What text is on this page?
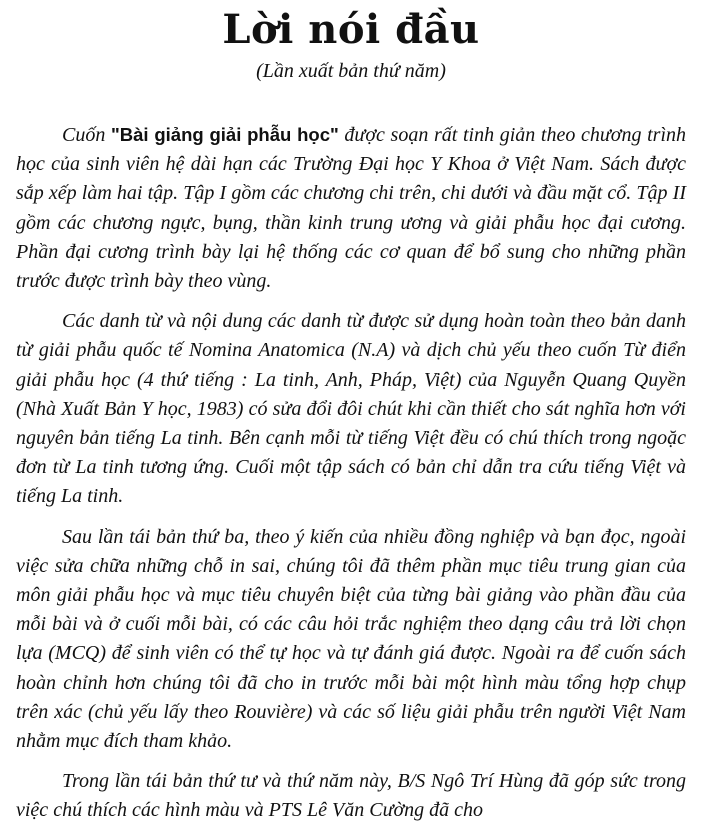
Lời nói đầu
(Lần xuất bản thứ năm)

Cuốn "Bài giảng giải phẫu học" được soạn rất tinh giản theo chương trình học của sinh viên hệ dài hạn các Trường Đại học Y Khoa ở Việt Nam. Sách được sắp xếp làm hai tập. Tập I gồm các chương chi trên, chi dưới và đầu mặt cổ. Tập II gồm các chương ngực, bụng, thần kinh trung ương và giải phẫu học đại cương. Phần đại cương trình bày lại hệ thống các cơ quan để bổ sung cho những phần trước được trình bày theo vùng.

Các danh từ và nội dung các danh từ được sử dụng hoàn toàn theo bản danh từ giải phẫu quốc tế Nomina Anatomica (N.A) và dịch chủ yếu theo cuốn Từ điển giải phẫu học (4 thứ tiếng : La tinh, Anh, Pháp, Việt) của Nguyễn Quang Quyền (Nhà Xuất Bản Y học, 1983) có sửa đổi đôi chút khi cần thiết cho sát nghĩa hơn với nguyên bản tiếng La tinh. Bên cạnh mỗi từ tiếng Việt đều có chú thích trong ngoặc đơn từ La tinh tương ứng. Cuối một tập sách có bản chỉ dẫn tra cứu tiếng Việt và tiếng La tinh.

Sau lần tái bản thứ ba, theo ý kiến của nhiều đồng nghiệp và bạn đọc, ngoài việc sửa chữa những chỗ in sai, chúng tôi đã thêm phần mục tiêu trung gian của môn giải phẫu học và mục tiêu chuyên biệt của từng bài giảng vào phần đầu của mỗi bài và ở cuối mỗi bài, có các câu hỏi trắc nghiệm theo dạng câu trả lời chọn lựa (MCQ) để sinh viên có thể tự học và tự đánh giá được. Ngoài ra để cuốn sách hoàn chỉnh hơn chúng tôi đã cho in trước mỗi bài một hình màu tổng hợp chụp trên xác (chủ yếu lấy theo Rouvière) và các số liệu giải phẫu trên người Việt Nam nhằm mục đích tham khảo.

Trong lần tái bản thứ tư và thứ năm này, B/S Ngô Trí Hùng đã góp sức trong việc chú thích các hình màu và PTS Lê Văn Cường đã cho
